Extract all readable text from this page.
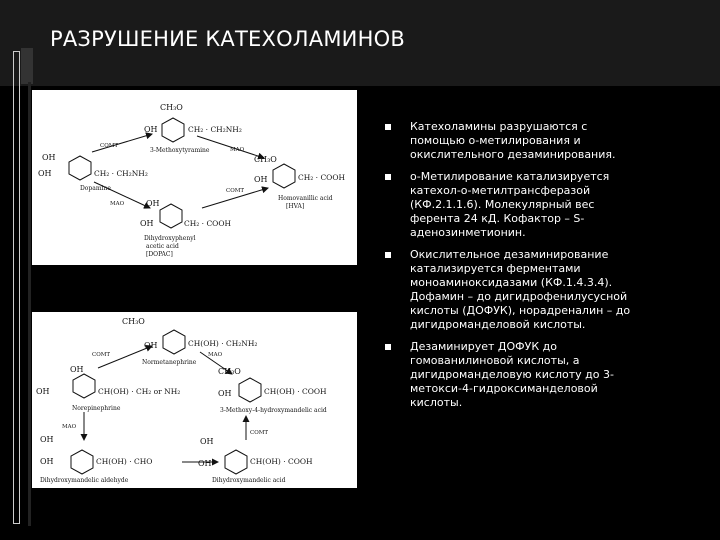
РАЗРУШЕНИЕ КАТЕХОЛАМИНОВ
CH₃O
OH	CH₂ · CH₂NH₂
3-Methoxytyramine
COMT
MAO
OH
OH	CH₂ · CH₂NH₂
Dopamine
CH₃O
OH	CH₂ · COOH
Homovanillic acid
[HVA]
MAO
COMT
OH
OH	CH₂ · COOH
Dihydroxyphenyl
acetic acid
[DOPAC]
CH₃O
OH	CH(OH) · CH₂NH₂
Normetanephrine
COMT	MAO
OH
OH	CH(OH) · CH₂ or NH₂
Norepinephrine
CH₃O
OH	CH(OH) · COOH
3-Methoxy-4-hydroxymandelic acid
MAO
COMT
OH
OH	CH(OH) · CHO
Dihydroxymandelic aldehyde
OH
OH	CH(OH) · COOH
Dihydroxymandelic acid
Катехоламины разрушаются с
помощью о-метилирования и
окислительного дезаминирования.
о-Метилирование катализируется
катехол-о-метилтрансферазой
(КФ.2.1.1.6). Молекулярный вес
ферента 24 кД. Кофактор – S-
аденозинметионин.
Окислительное дезаминирование
катализируется ферментами
моноаминоксидазами (КФ.1.4.3.4).
Дофамин – до дигидрофенилусусной
кислоты (ДОФУК), норадреналин – до
дигидроманделовой кислоты.
Дезаминирует ДОФУК до
гомованилиновой кислоты, а
дигидроманделовую кислоту до 3-
метокси-4-гидроксиманделовой
кислоты.
